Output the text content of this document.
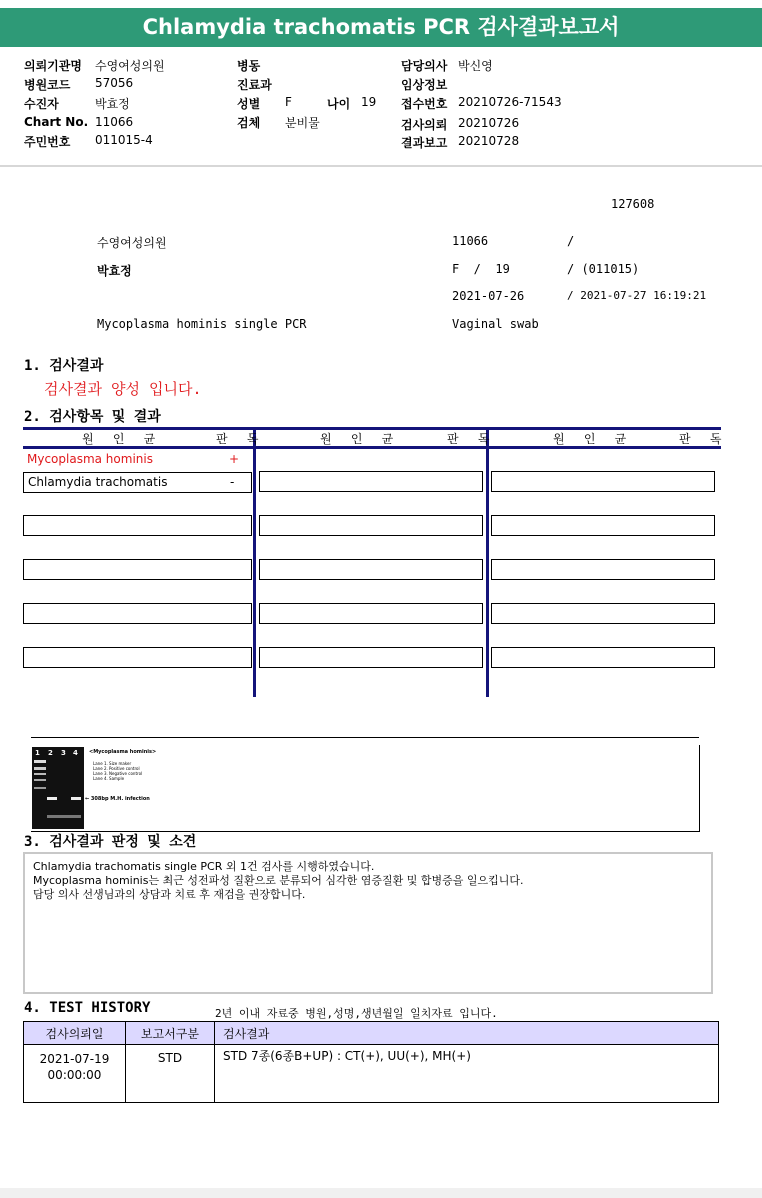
Chlamydia trachomatis PCR 검사결과보고서
의뢰기관명 수영여성의원
병원코드 57056
수진자	박효정
Chart No. 11066
주민번호 011015-4
병동
진료과
성별 F	나이 19
검체 분비물
담당의사 박신영
임상정보
접수번호 20210726-71543
검사의뢰 20210726
결과보고 20210728
127608
수영여성의원	11066	/
박효정	F  /  19	/ (011015)
2021-07-26	/ 2021-07-27 16:19:21
Mycoplasma hominis single PCR	Vaginal swab
1. 검사결과
검사결과 양성 입니다.
2. 검사항목 및 결과
원 인 균	판 독	원 인 균	판 독	원 인 균	판 독
Mycoplasma hominis	+
Chlamydia trachomatis	-
1 2 3 4 <Mycoplasma hominis>
Lane 1. Size maker
Lane 2. Positive control
Lane 3. Negative control
Lane 4. Sample
← 308bp M.H. infection
3. 검사결과 판정 및 소견
Chlamydia trachomatis single PCR 외 1건 검사를 시행하였습니다.
Mycoplasma hominis는 최근 성전파성 질환으로 분류되어 심각한 염증질환 및 합병증을 일으킵니다.
담당 의사 선생님과의 상담과 치료 후 재검을 권장합니다.
4. TEST HISTORY	2년 이내 자료중 병원,성명,생년월일 일치자료 입니다.
검사의뢰일	보고서구분	검사결과

2021-07-19
00:00:00	STD	STD 7종(6종B+UP) : CT(+), UU(+), MH(+)
